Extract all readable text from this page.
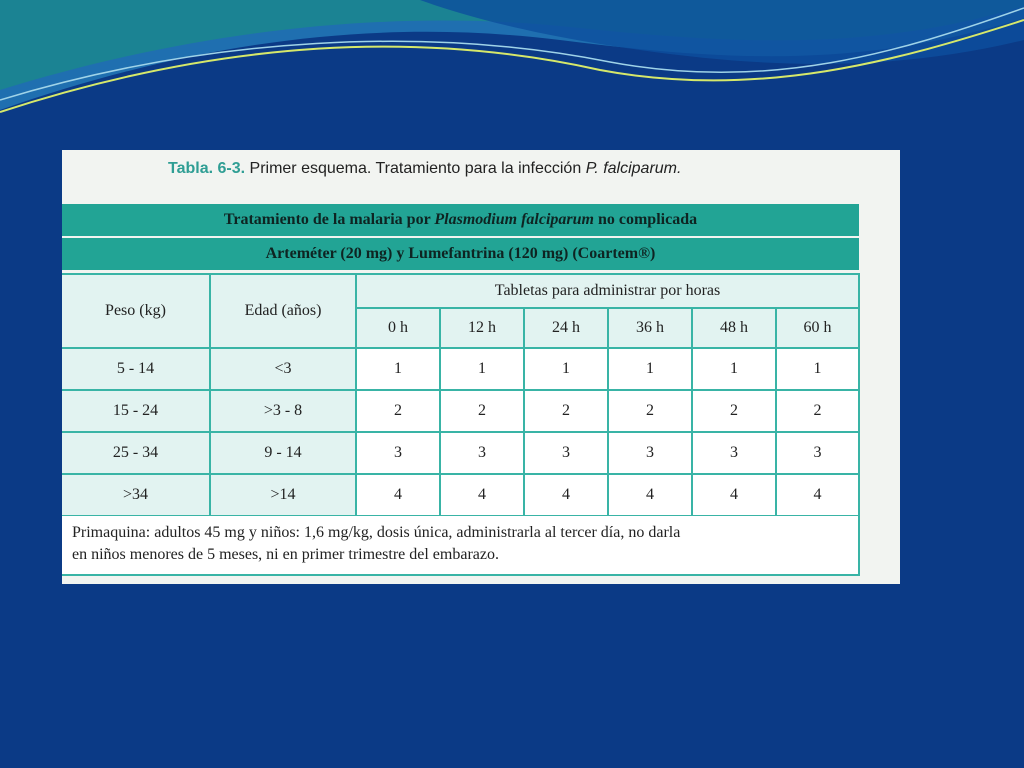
Tabla. 6-3. Primer esquema. Tratamiento para la infección P. falciparum.
Tratamiento de la malaria por Plasmodium falciparum no complicada
Arteméter (20 mg) y Lumefantrina (120 mg) (Coartem®)
Peso (kg)	Edad (años)	Tabletas para administrar por horas					
		0 h	12 h	24 h	36 h	48 h	60 h
5 - 14	<3	1	1	1	1	1	1
15 - 24	>3 - 8	2	2	2	2	2	2
25 - 34	9 - 14	3	3	3	3	3	3
>34	>14	4	4	4	4	4	4
Primaquina: adultos 45 mg y niños: 1,6 mg/kg, dosis única, administrarla al tercer día, no darla
en niños menores de 5 meses, ni en primer trimestre del embarazo.
